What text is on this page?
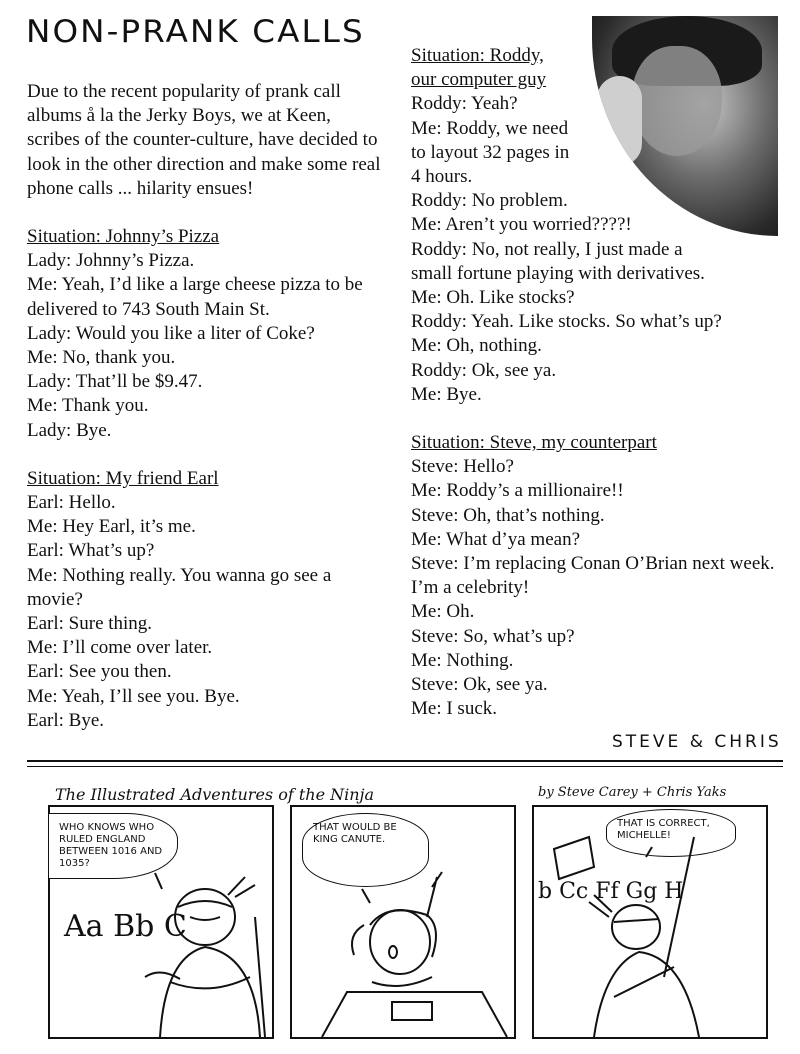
NON-PRANK CALLS

Due to the recent popularity of prank call albums å la the Jerky Boys, we at Keen, scribes of the counter-culture, have decided to look in the other direction and make some real phone calls ... hilarity ensues!

Situation: Johnny’s Pizza

Lady: Johnny’s Pizza.

Me: Yeah, I’d like a large cheese pizza to be delivered to 743 South Main St.

Lady: Would you like a liter of Coke?

Me: No, thank you.

Lady: That’ll be $9.47.

Me: Thank you.

Lady: Bye.

Situation: My friend Earl

Earl: Hello.

Me: Hey Earl, it’s me.

Earl: What’s up?

Me: Nothing really. You wanna go see a movie?

Earl: Sure thing.

Me: I’ll come over later.

Earl: See you then.

Me: Yeah, I’ll see you. Bye.

Earl: Bye.

Situation: Roddy,

our computer guy

Roddy: Yeah?

Me: Roddy, we need

to layout 32 pages in

4 hours.

Roddy: No problem.

Me: Aren’t you worried????!

Roddy: No, not really, I just made a

small fortune playing with derivatives.

Me: Oh. Like stocks?

Roddy: Yeah. Like stocks. So what’s up?

Me: Oh, nothing.

Roddy: Ok, see ya.

Me: Bye.

Situation: Steve, my counterpart

Steve: Hello?

Me: Roddy’s a millionaire!!

Steve: Oh, that’s nothing.

Me: What d’ya mean?

Steve: I’m replacing Conan O’Brian next week. I’m a celebrity!

Me: Oh.

Steve: So, what’s up?

Me: Nothing.

Steve: Ok, see ya.

Me: I suck.

STEVE & CHRIS
The Illustrated Adventures of the Ninja	by Steve Carey + Chris Yaks
WHO KNOWS WHO RULED ENGLAND BETWEEN 1016 AND 1035?
Aa Bb C
THAT WOULD BE KING CANUTE.
THAT IS CORRECT, MICHELLE!
b Cc Ff Gg H
